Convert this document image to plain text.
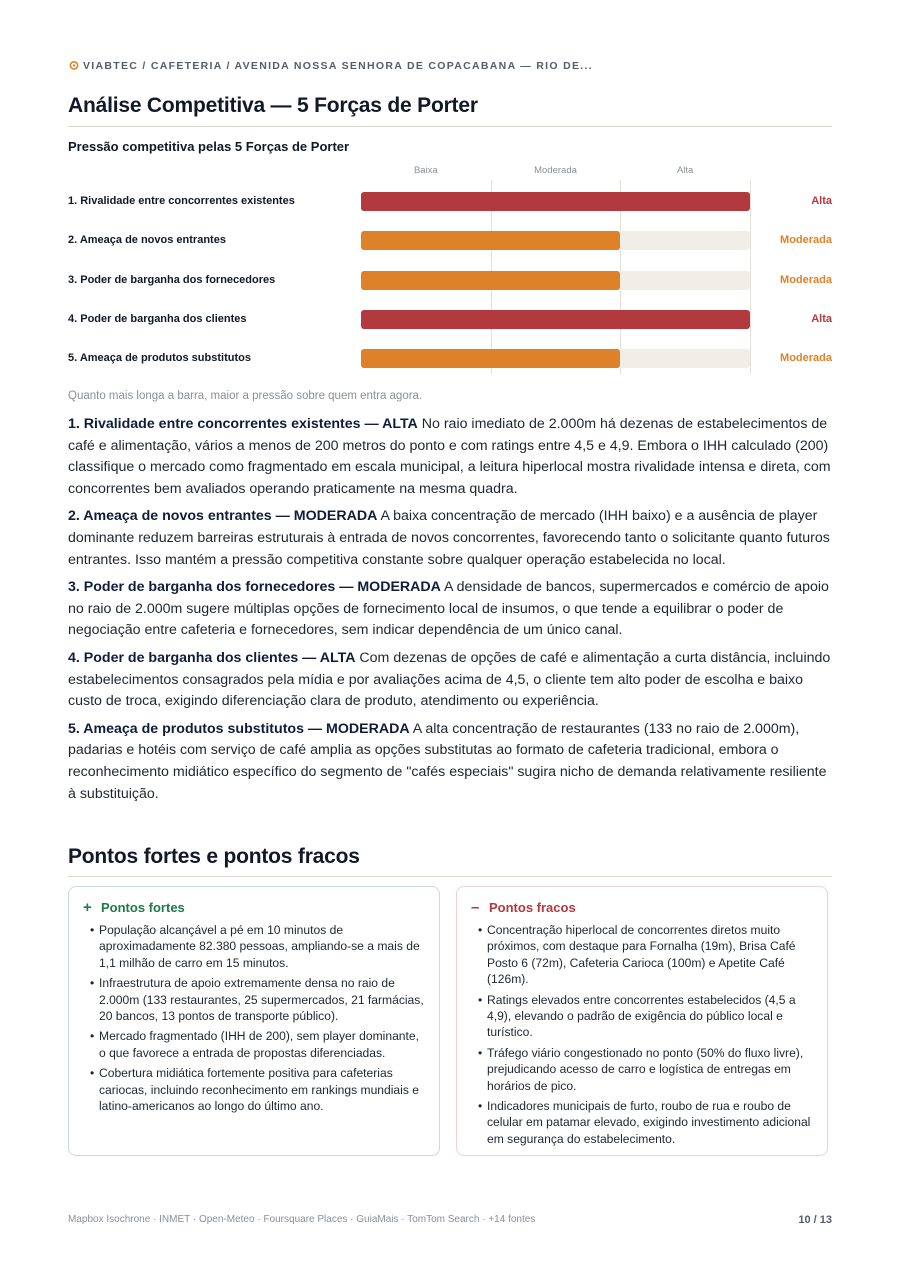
VIABTEC / CAFETERIA / AVENIDA NOSSA SENHORA DE COPACABANA — RIO DE...
Análise Competitiva — 5 Forças de Porter
Pressão competitiva pelas 5 Forças de Porter
Baixa	Moderada	Alta
1. Rivalidade entre concorrentes existentes	Alta
2. Ameaça de novos entrantes	Moderada
3. Poder de barganha dos fornecedores	Moderada
4. Poder de barganha dos clientes	Alta
5. Ameaça de produtos substitutos	Moderada
Quanto mais longa a barra, maior a pressão sobre quem entra agora.

1. Rivalidade entre concorrentes existentes — ALTA No raio imediato de 2.000m há dezenas de estabelecimentos de café e alimentação, vários a menos de 200 metros do ponto e com ratings entre 4,5 e 4,9. Embora o IHH calculado (200) classifique o mercado como fragmentado em escala municipal, a leitura hiperlocal mostra rivalidade intensa e direta, com concorrentes bem avaliados operando praticamente na mesma quadra.

2. Ameaça de novos entrantes — MODERADA A baixa concentração de mercado (IHH baixo) e a ausência de player dominante reduzem barreiras estruturais à entrada de novos concorrentes, favorecendo tanto o solicitante quanto futuros entrantes. Isso mantém a pressão competitiva constante sobre qualquer operação estabelecida no local.

3. Poder de barganha dos fornecedores — MODERADA A densidade de bancos, supermercados e comércio de apoio no raio de 2.000m sugere múltiplas opções de fornecimento local de insumos, o que tende a equilibrar o poder de negociação entre cafeteria e fornecedores, sem indicar dependência de um único canal.

4. Poder de barganha dos clientes — ALTA Com dezenas de opções de café e alimentação a curta distância, incluindo estabelecimentos consagrados pela mídia e por avaliações acima de 4,5, o cliente tem alto poder de escolha e baixo custo de troca, exigindo diferenciação clara de produto, atendimento ou experiência.

5. Ameaça de produtos substitutos — MODERADA A alta concentração de restaurantes (133 no raio de 2.000m), padarias e hotéis com serviço de café amplia as opções substitutas ao formato de cafeteria tradicional, embora o reconhecimento midiático específico do segmento de "cafés especiais" sugira nicho de demanda relativamente resiliente à substituição.

Pontos fortes e pontos fracos
+ Pontos fortes
• População alcançável a pé em 10 minutos de aproximadamente 82.380 pessoas, ampliando-se a mais de 1,1 milhão de carro em 15 minutos.
• Infraestrutura de apoio extremamente densa no raio de 2.000m (133 restaurantes, 25 supermercados, 21 farmácias, 20 bancos, 13 pontos de transporte público).
• Mercado fragmentado (IHH de 200), sem player dominante, o que favorece a entrada de propostas diferenciadas.
• Cobertura midiática fortemente positiva para cafeterias cariocas, incluindo reconhecimento em rankings mundiais e latino-americanos ao longo do último ano.
– Pontos fracos
• Concentração hiperlocal de concorrentes diretos muito próximos, com destaque para Fornalha (19m), Brisa Café Posto 6 (72m), Cafeteria Carioca (100m) e Apetite Café (126m).
• Ratings elevados entre concorrentes estabelecidos (4,5 a 4,9), elevando o padrão de exigência do público local e turístico.
• Tráfego viário congestionado no ponto (50% do fluxo livre), prejudicando acesso de carro e logística de entregas em horários de pico.
• Indicadores municipais de furto, roubo de rua e roubo de celular em patamar elevado, exigindo investimento adicional em segurança do estabelecimento.
Mapbox Isochrone · INMET · Open-Meteo · Foursquare Places · GuiaMais · TomTom Search · +14 fontes	10 / 13
